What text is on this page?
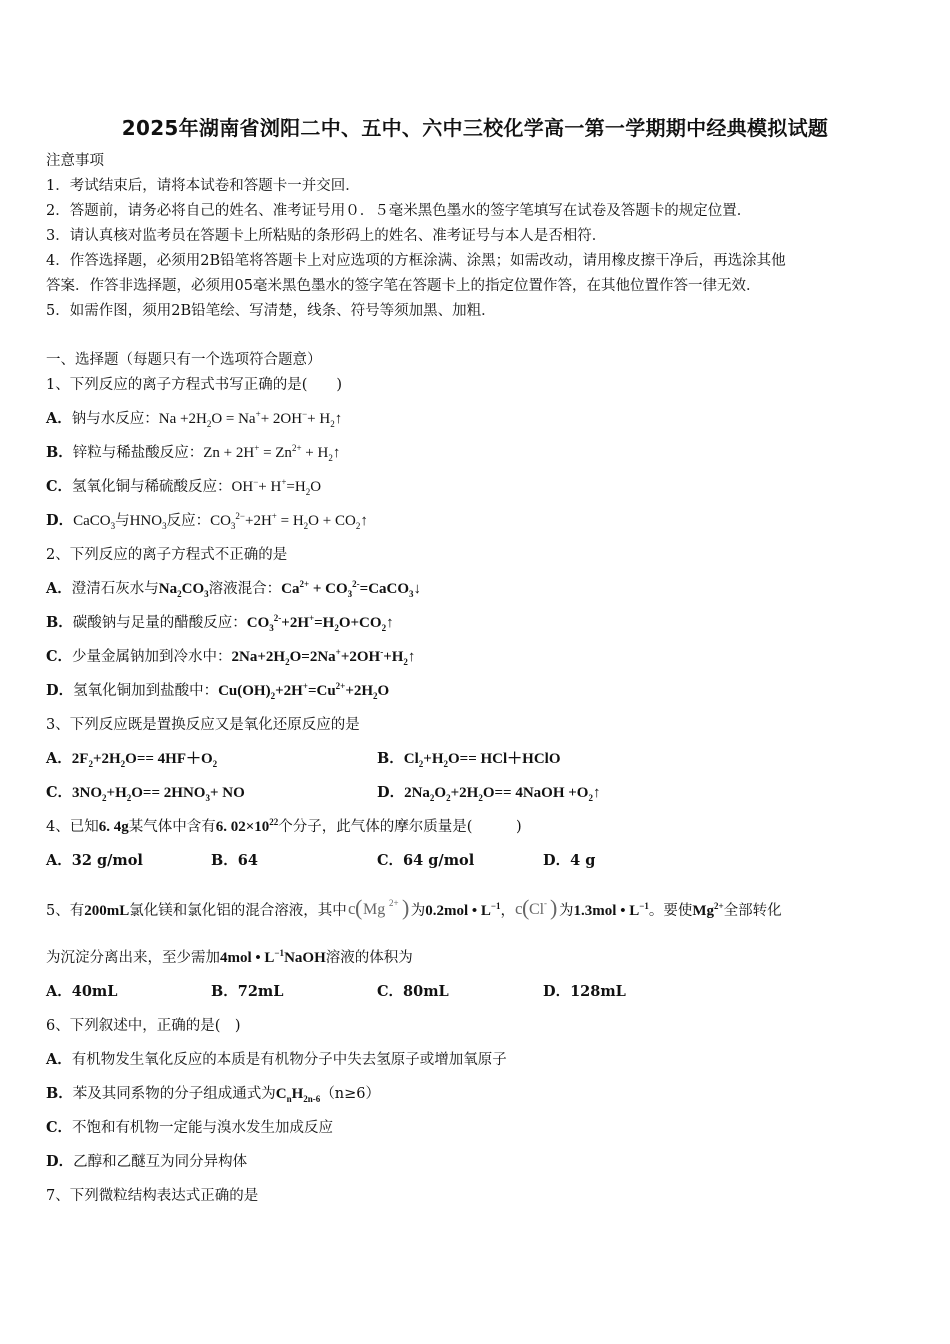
2025年湖南省浏阳二中、五中、六中三校化学高一第一学期期中经典模拟试题
注意事项
1．考试结束后，请将本试卷和答题卡一并交回．
2．答题前，请务必将自己的姓名、准考证号用０．５毫米黑色墨水的签字笔填写在试卷及答题卡的规定位置．
3．请认真核对监考员在答题卡上所粘贴的条形码上的姓名、准考证号与本人是否相符．
4．作答选择题，必须用2B铅笔将答题卡上对应选项的方框涂满、涂黑；如需改动，请用橡皮擦干净后，再选涂其他
答案．作答非选择题，必须用05毫米黑色墨水的签字笔在答题卡上的指定位置作答，在其他位置作答一律无效．
5．如需作图，须用2B铅笔绘、写清楚，线条、符号等须加黑、加粗．
一、选择题（每题只有一个选项符合题意）
1、下列反应的离子方程式书写正确的是(　　)
A．钠与水反应：$Na +2H_2O = Na^++ 2OH^-+$ $H_2↑$
B．锌粒与稀盐酸反应：$Zn + 2H^+ = Zn^{2+}$ + $H_2↑$
C．氢氧化铜与稀硫酸反应：$OH^-+ H^+=H_2O$
D．CaCO$_3$与$HNO_3$反应：$CO_3^{2-}+2H^+ = H_2O$ + $CO_2↑$
2、下列反应的离子方程式不正确的是
A．澄清石灰水与$Na_2CO_3$溶液混合：$Ca^{2+}$ + $CO_3^{2-}=CaCO_3↓$
B．碳酸钠与足量的醋酸反应：$CO_3^{2-}+2H^+=H_2O+CO_2↑$
C．少量金属钠加到冷水中：$2Na+2H_2O=2Na^++2OH^-+H_2↑$
D．氢氧化铜加到盐酸中：$Cu(OH)_2+2H^+=Cu^{2+}+2H_2O$
3、下列反应既是置换反应又是氧化还原反应的是
A．$2F_2+2H_2O== 4HF+O_2$	B．$Cl_2+H_2O==$ HCl＋HClO
C．$3NO_2+H_2O== 2HNO_3+$ NO	D．$2Na_2O_2+2H_2O==$ 4NaOH $+O_2↑$
4、已知6. 4g某气体中含有6. $02\times 10^{22}$个分子，此气体的摩尔质量是(　　　)
A．32 g/mol	B．64	C．64 g/mol	D．4 g
5、有200mL氯化镁和氯化铝的混合溶液，其中 c ( Mg 2+ ) 为0.2mol • $L^{-1}$， c ( Cl - ) 为1.3mol • $L^{-1}$。要使$Mg^{2+}$全部转化
为沉淀分离出来，至少需加4mol • $L^{-1}NaOH$溶液的体积为
A．40mL	B．72mL	C．80mL	D．128mL
6、下列叙述中，正确的是(　)
A．有机物发生氧化反应的本质是有机物分子中失去氢原子或增加氧原子
B．苯及其同系物的分子组成通式为$C_nH_{2n-6}(n\ge 6)$
C．不饱和有机物一定能与溴水发生加成反应
D．乙醇和乙醚互为同分异构体
7、下列微粒结构表达式正确的是
